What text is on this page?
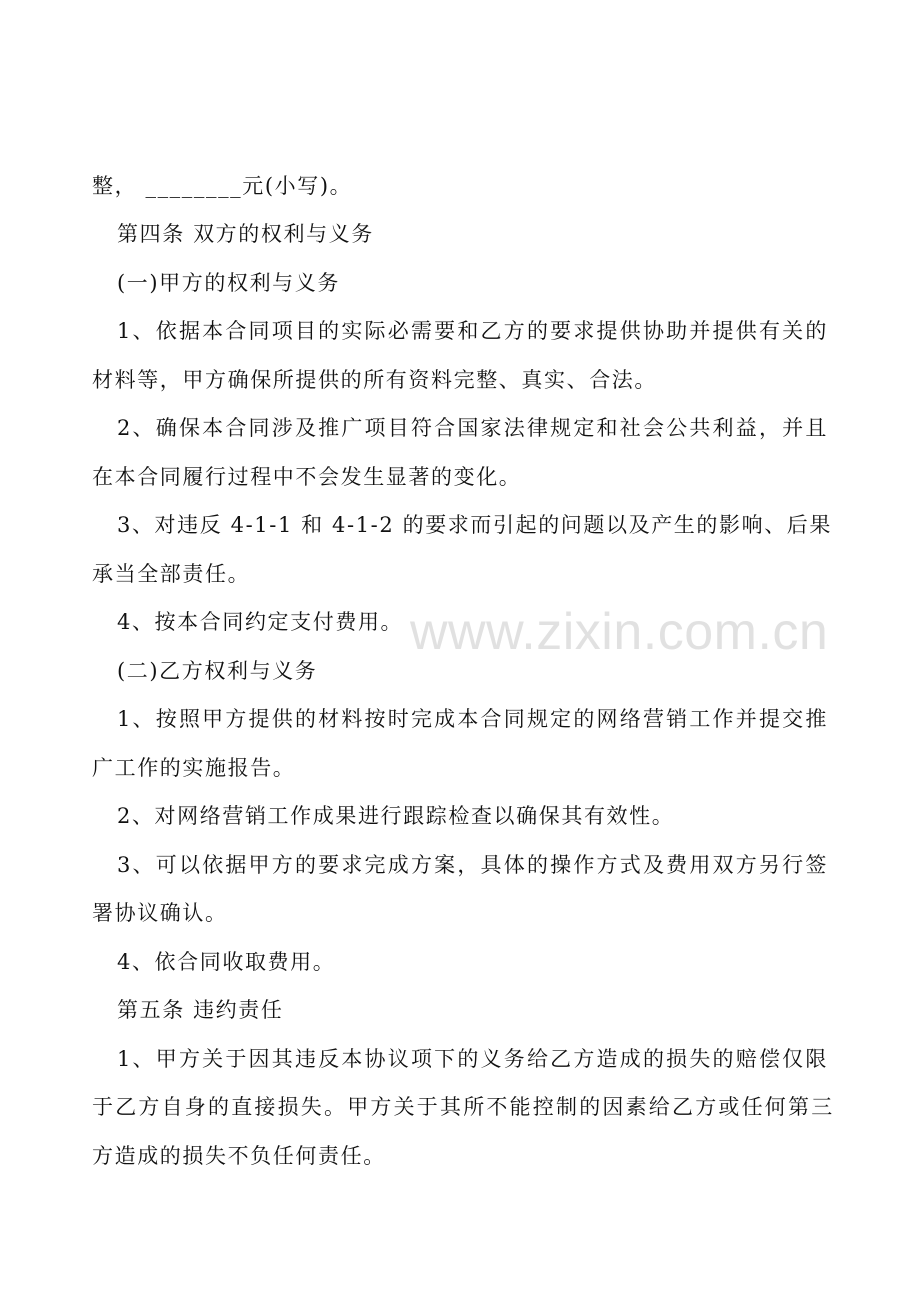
整， ________元(小写)。
第四条 双方的权利与义务
(一)甲方的权利与义务
1、依据本合同项目的实际必需要和乙方的要求提供协助并提供有关的
材料等，甲方确保所提供的所有资料完整、真实、合法。
2、确保本合同涉及推广项目符合国家法律规定和社会公共利益，并且
在本合同履行过程中不会发生显著的变化。
3、对违反 4-1-1 和 4-1-2 的要求而引起的问题以及产生的影响、后果
承当全部责任。
4、按本合同约定支付费用。
(二)乙方权利与义务
1、按照甲方提供的材料按时完成本合同规定的网络营销工作并提交推
广工作的实施报告。
2、对网络营销工作成果进行跟踪检查以确保其有效性。
3、可以依据甲方的要求完成方案，具体的操作方式及费用双方另行签
署协议确认。
4、依合同收取费用。
第五条 违约责任
1、甲方关于因其违反本协议项下的义务给乙方造成的损失的赔偿仅限
于乙方自身的直接损失。甲方关于其所不能控制的因素给乙方或任何第三
方造成的损失不负任何责任。
www.zixin.com.cn
